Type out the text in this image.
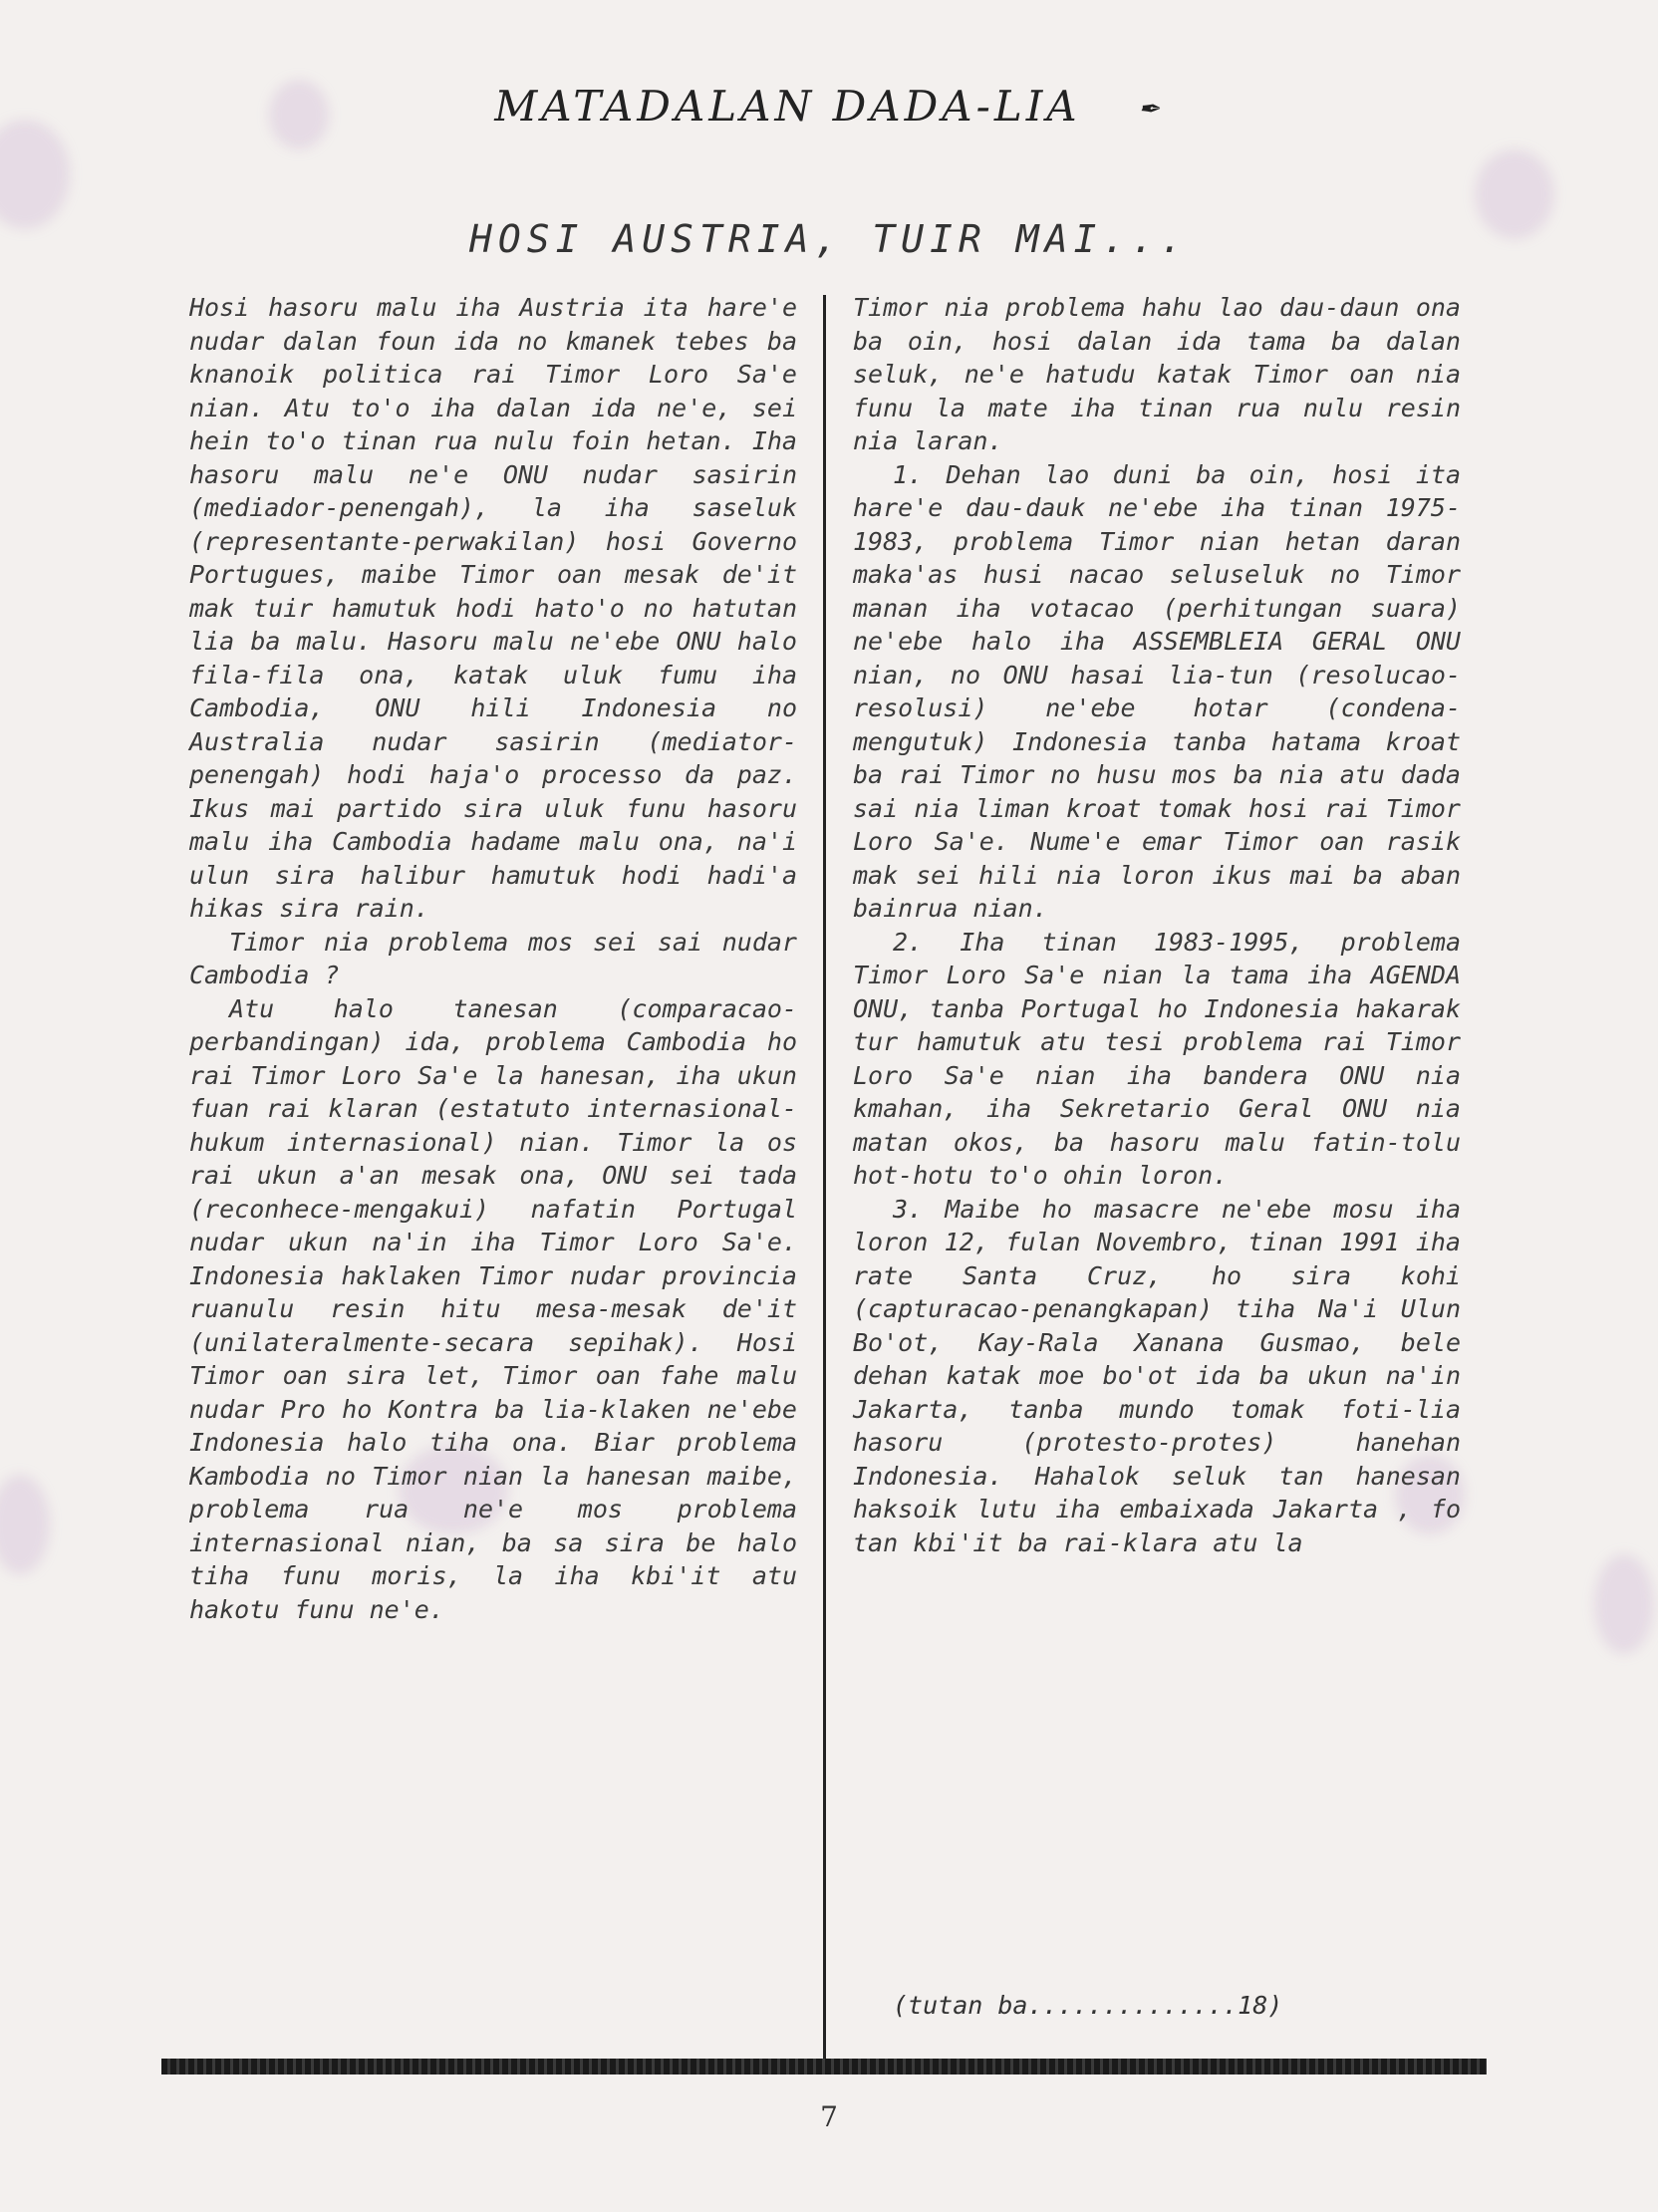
MATADALAN DADA-LIA ✒
HOSI AUSTRIA, TUIR MAI...

Hosi hasoru malu iha Austria ita hare'e nudar dalan foun ida no kmanek tebes ba knanoik politica rai Timor Loro Sa'e nian. Atu to'o iha dalan ida ne'e, sei hein to'o tinan rua nulu foin hetan. Iha hasoru malu ne'e ONU nudar sasirin (mediador-penengah), la iha saseluk (representante-perwakilan) hosi Governo Portugues, maibe Timor oan mesak de'it mak tuir hamutuk hodi hato'o no hatutan lia ba malu. Hasoru malu ne'ebe ONU halo fila-fila ona, katak uluk fumu iha Cambodia, ONU hili Indonesia no Australia nudar sasirin (mediator-penengah) hodi haja'o processo da paz. Ikus mai partido sira uluk funu hasoru malu iha Cambodia hadame malu ona, na'i ulun sira halibur hamutuk hodi hadi'a hikas sira rain.

Timor nia problema mos sei sai nudar Cambodia ?

Atu halo tanesan (comparacao-perbandingan) ida, problema Cambodia ho rai Timor Loro Sa'e la hanesan, iha ukun fuan rai klaran (estatuto internasional-hukum internasional) nian. Timor la os rai ukun a'an mesak ona, ONU sei tada (reconhece-mengakui) nafatin Portugal nudar ukun na'in iha Timor Loro Sa'e. Indonesia haklaken Timor nudar provincia ruanulu resin hitu mesa-mesak de'it (unilateralmente-secara sepihak). Hosi Timor oan sira let, Timor oan fahe malu nudar Pro ho Kontra ba lia-klaken ne'ebe Indonesia halo tiha ona. Biar problema Kambodia no Timor nian la hanesan maibe, problema rua ne'e mos problema internasional nian, ba sa sira be halo tiha funu moris, la iha kbi'it atu hakotu funu ne'e.

Timor nia problema hahu lao dau-daun ona ba oin, hosi dalan ida tama ba dalan seluk, ne'e hatudu katak Timor oan nia funu la mate iha tinan rua nulu resin nia laran.

1. Dehan lao duni ba oin, hosi ita hare'e dau-dauk ne'ebe iha tinan 1975-1983, problema Timor nian hetan daran maka'as husi nacao seluseluk no Timor manan iha votacao (perhitungan suara) ne'ebe halo iha ASSEMBLEIA GERAL ONU nian, no ONU hasai lia-tun (resolucao-resolusi) ne'ebe hotar (condena-mengutuk) Indonesia tanba hatama kroat ba rai Timor no husu mos ba nia atu dada sai nia liman kroat tomak hosi rai Timor Loro Sa'e. Nume'e emar Timor oan rasik mak sei hili nia loron ikus mai ba aban bainrua nian.

2. Iha tinan 1983-1995, problema Timor Loro Sa'e nian la tama iha AGENDA ONU, tanba Portugal ho Indonesia hakarak tur hamutuk atu tesi problema rai Timor Loro Sa'e nian iha bandera ONU nia kmahan, iha Sekretario Geral ONU nia matan okos, ba hasoru malu fatin-tolu hot-hotu to'o ohin loron.

3. Maibe ho masacre ne'ebe mosu iha loron 12, fulan Novembro, tinan 1991 iha rate Santa Cruz, ho sira kohi (capturacao-penangkapan) tiha Na'i Ulun Bo'ot, Kay-Rala Xanana Gusmao, bele dehan katak moe bo'ot ida ba ukun na'in Jakarta, tanba mundo tomak foti-lia hasoru (protesto-protes) hanehan Indonesia. Hahalok seluk tan hanesan haksoik lutu iha embaixada Jakarta , fo tan kbi'it ba rai-klara atu la

(tutan ba..............18)
7
